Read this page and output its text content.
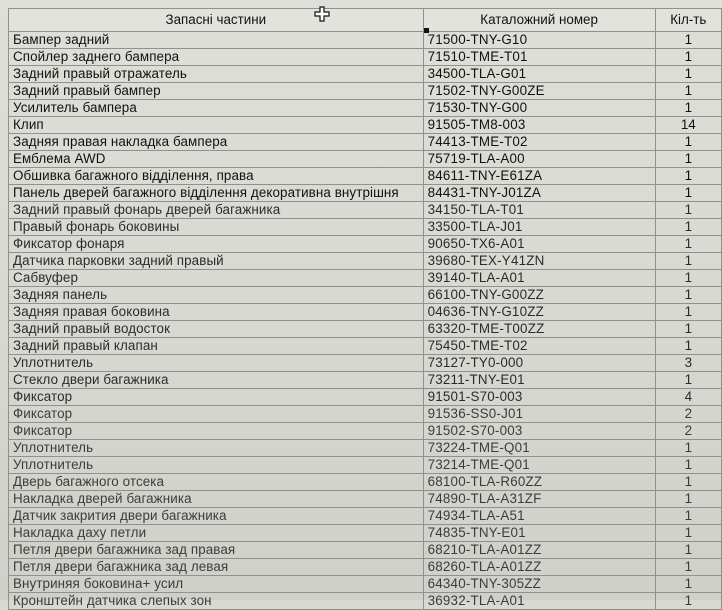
Запасні частини	Каталожний номер	Кіл-ть
Бампер задний	71500-TNY-G10	1
Спойлер заднего бампера	71510-TME-T01	1
Задний правый отражатель	34500-TLA-G01	1
Задний правый бампер	71502-TNY-G00ZE	1
Усилитель бампера	71530-TNY-G00	1
Клип	91505-TM8-003	14
Задняя правая накладка бампера	74413-TME-T02	1
Емблема AWD	75719-TLA-A00	1
Обшивка багажного відділення, права	84611-TNY-E61ZA	1
Панель дверей багажного відділення декоративна внутрішня	84431-TNY-J01ZA	1
Задний правый фонарь дверей багажника	34150-TLA-T01	1
Правый фонарь боковины	33500-TLA-J01	1
Фиксатор фонаря	90650-TX6-A01	1
Датчика парковки задний правый	39680-TEX-Y41ZN	1
Сабвуфер	39140-TLA-A01	1
Задняя панель	66100-TNY-G00ZZ	1
Задняя правая боковина	04636-TNY-G10ZZ	1
Задний правый водосток	63320-TME-T00ZZ	1
Задний правый клапан	75450-TME-T02	1
Уплотнитель	73127-TY0-000	3
Стекло двери багажника	73211-TNY-E01	1
Фиксатор	91501-S70-003	4
Фиксатор	91536-SS0-J01	2
Фиксатор	91502-S70-003	2
Уплотнитель	73224-TME-Q01	1
Уплотнитель	73214-TME-Q01	1
Дверь багажного отсека	68100-TLA-R60ZZ	1
Накладка дверей багажника	74890-TLA-A31ZF	1
Датчик закрития двери багажника	74934-TLA-A51	1
Накладка даху петли	74835-TNY-E01	1
Петля двери багажника зад правая	68210-TLA-A01ZZ	1
Петля двери багажника зад левая	68260-TLA-A01ZZ	1
Внутриняя боковина+ усил	64340-TNY-305ZZ	1
Кронштейн датчика слепых зон	36932-TLA-A01	1
